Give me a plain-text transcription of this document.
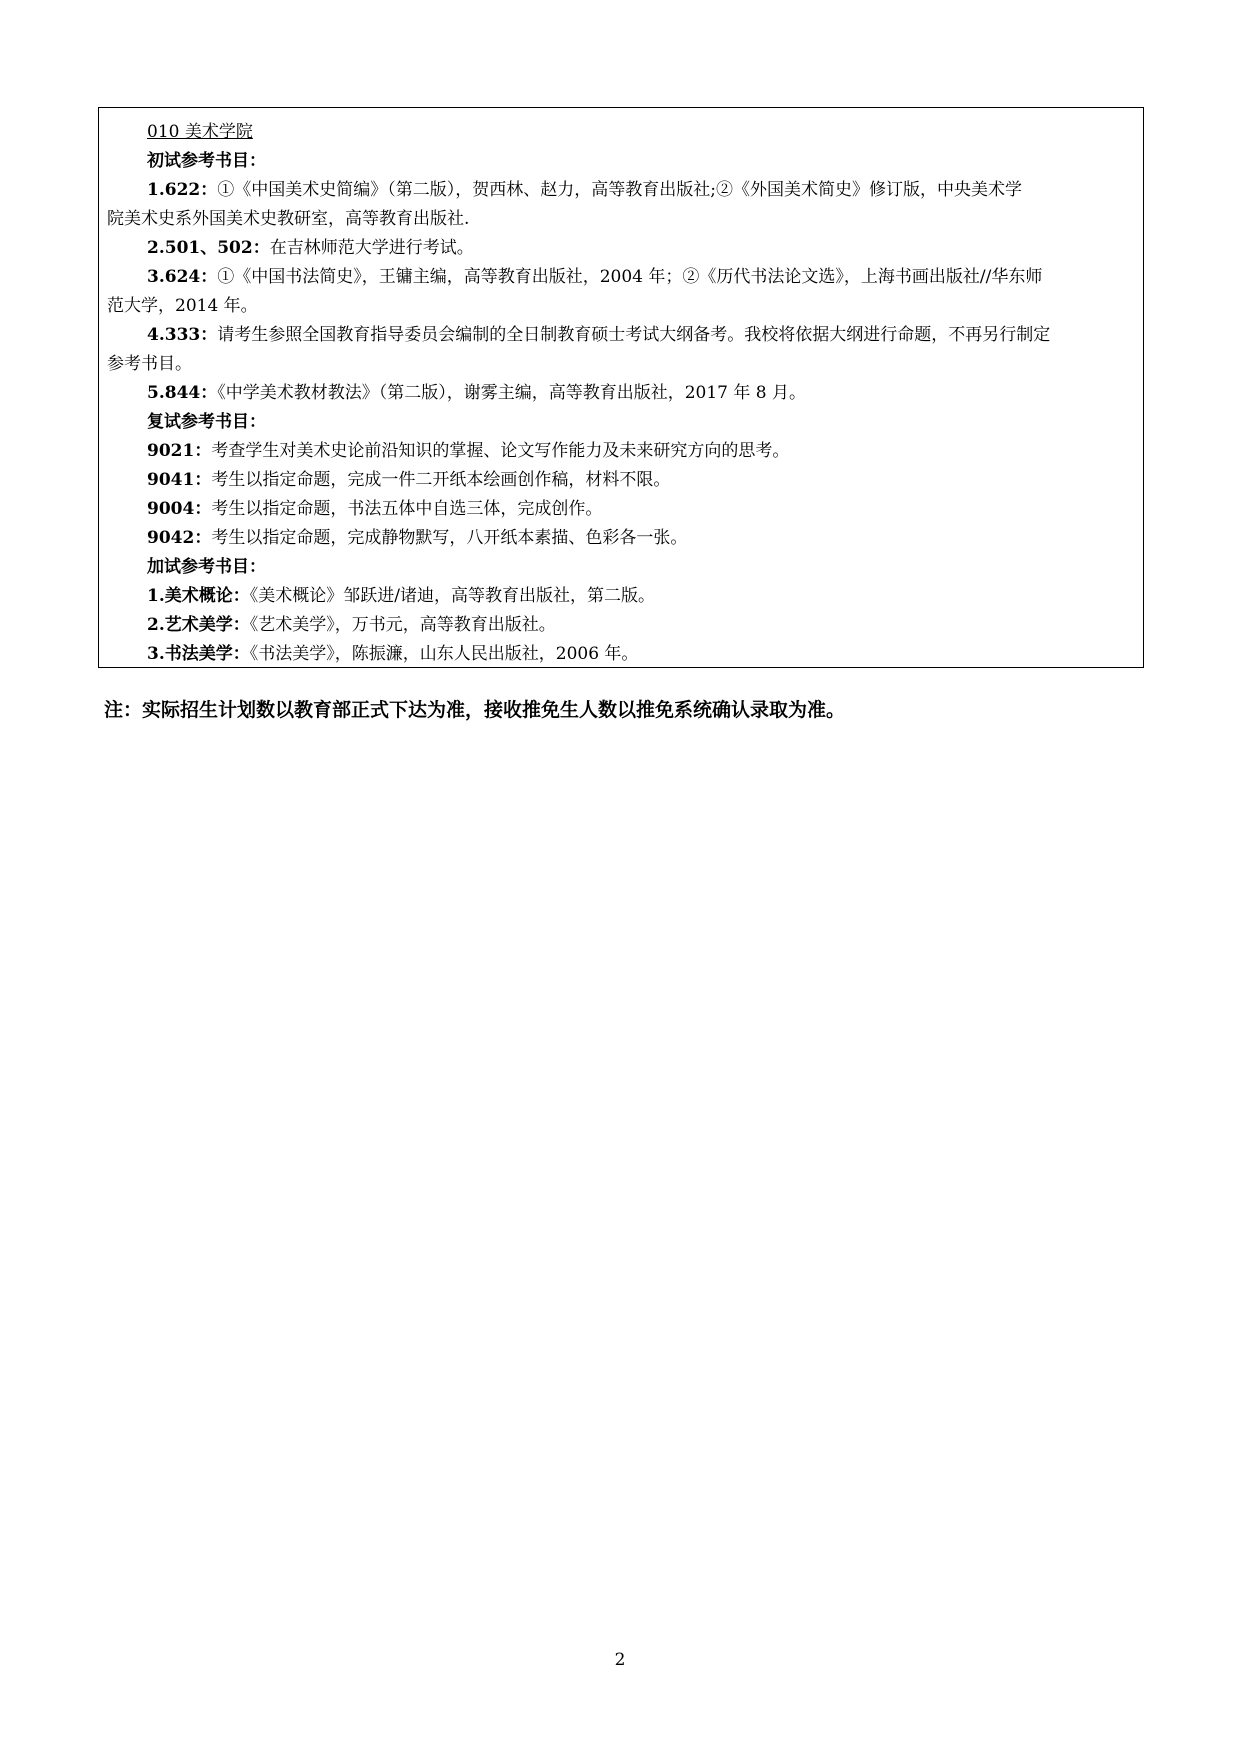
010 美术学院

初试参考书目：

1.622：①《中国美术史简编》（第二版），贺西林、赵力，高等教育出版社;②《外国美术简史》修订版，中央美术学

院美术史系外国美术史教研室，高等教育出版社.

2.501、502：在吉林师范大学进行考试。

3.624：①《中国书法简史》，王镛主编，高等教育出版社，2004 年；②《历代书法论文选》，上海书画出版社//华东师

范大学，2014 年。

4.333：请考生参照全国教育指导委员会编制的全日制教育硕士考试大纲备考。我校将依据大纲进行命题，不再另行制定

参考书目。

5.844：《中学美术教材教法》（第二版），谢雾主编，高等教育出版社，2017 年 8 月。

复试参考书目：

9021：考查学生对美术史论前沿知识的掌握、论文写作能力及未来研究方向的思考。

9041：考生以指定命题，完成一件二开纸本绘画创作稿，材料不限。

9004：考生以指定命题，书法五体中自选三体，完成创作。

9042：考生以指定命题，完成静物默写，八开纸本素描、色彩各一张。

加试参考书目：

1.美术概论：《美术概论》邹跃进/诸迪，高等教育出版社，第二版。

2.艺术美学：《艺术美学》，万书元，高等教育出版社。

3.书法美学：《书法美学》，陈振濂，山东人民出版社，2006 年。

注：实际招生计划数以教育部正式下达为准，接收推免生人数以推免系统确认录取为准。

2
